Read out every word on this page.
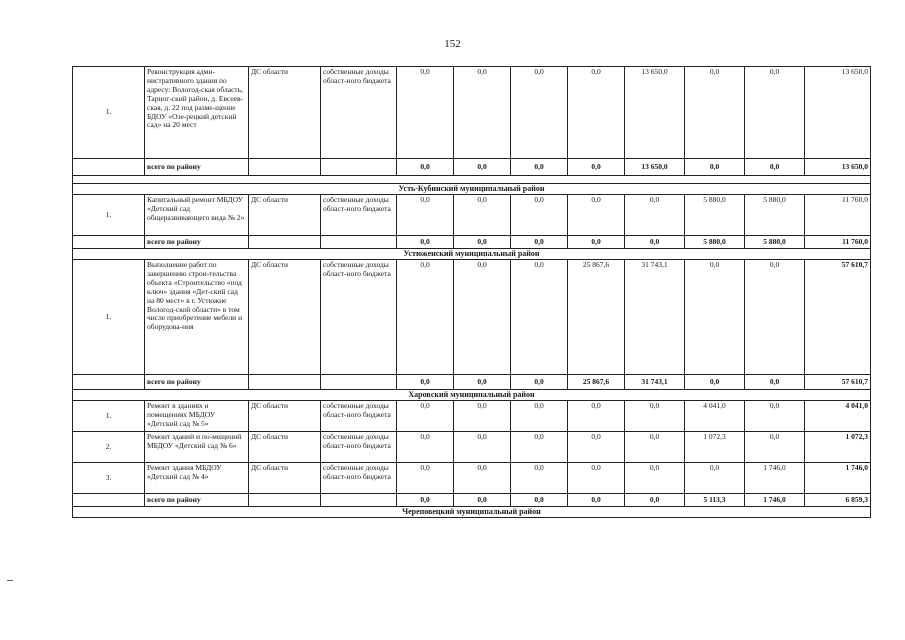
152
1.	Реконструкция адми-нистративного здания по адресу: Вологод-ская область, Тарног-ский район, д. Евсеев-ская, д. 22 под разме-щение БДОУ «Озе-рецкий детский сад» на 20 мест	ДС области	собственные доходы област-ного бюджета	0,0	0,0	0,0	0,0	13 650,0	0,0	0,0	13 650,0
	всего по району			0,0	0,0	0,0	0,0	13 650,0	0,0	0,0	13 650,0

Усть-Кубинский муниципальный район											
1.	Капитальный ремонт МБДОУ «Детский сад общеразвивающего вида № 2»	ДС области	собственные доходы област-ного бюджета	0,0	0,0	0,0	0,0	0,0	5 880,0	5 880,0	11 760,0
	всего по району			0,0	0,0	0,0	0,0	0,0	5 880,0	5 880,0	11 760,0
Устюженский муниципальный район											
1.	Выполнение работ по завершению строи-тельства объекта «Строительство «под ключ» здания «Дет-ский сад на 80 мест» в г. Устюжне Вологод-ской области» в том числе приобретение мебели и оборудова-ния	ДС области	собственные доходы област-ного бюджета	0,0	0,0	0,0	25 867,6	31 743,1	0,0	0,0	57 610,7
	всего по району			0,0	0,0	0,0	25 867,6	31 743,1	0,0	0,0	57 610,7
Харовский муниципальный район											
1.	Ремонт в зданиях и помещениях МБДОУ «Детский сад № 5»	ДС области	собственные доходы област-ного бюджета	0,0	0,0	0,0	0,0	0,0	4 041,0	0,0	4 041,0
2.	Ремонт зданий и по-мещений МБДОУ «Детский сад № 6»	ДС области	собственные доходы област-ного бюджета	0,0	0,0	0,0	0,0	0,0	1 072,3	0,0	1 072,3
3.	Ремонт здания МБДОУ «Детский сад № 4»	ДС области	собственные доходы област-ного бюджета	0,0	0,0	0,0	0,0	0,0	0,0	1 746,0	1 746,0
	всего по району			0,0	0,0	0,0	0,0	0,0	5 113,3	1 746,0	6 859,3
Череповецкий муниципальный район											
